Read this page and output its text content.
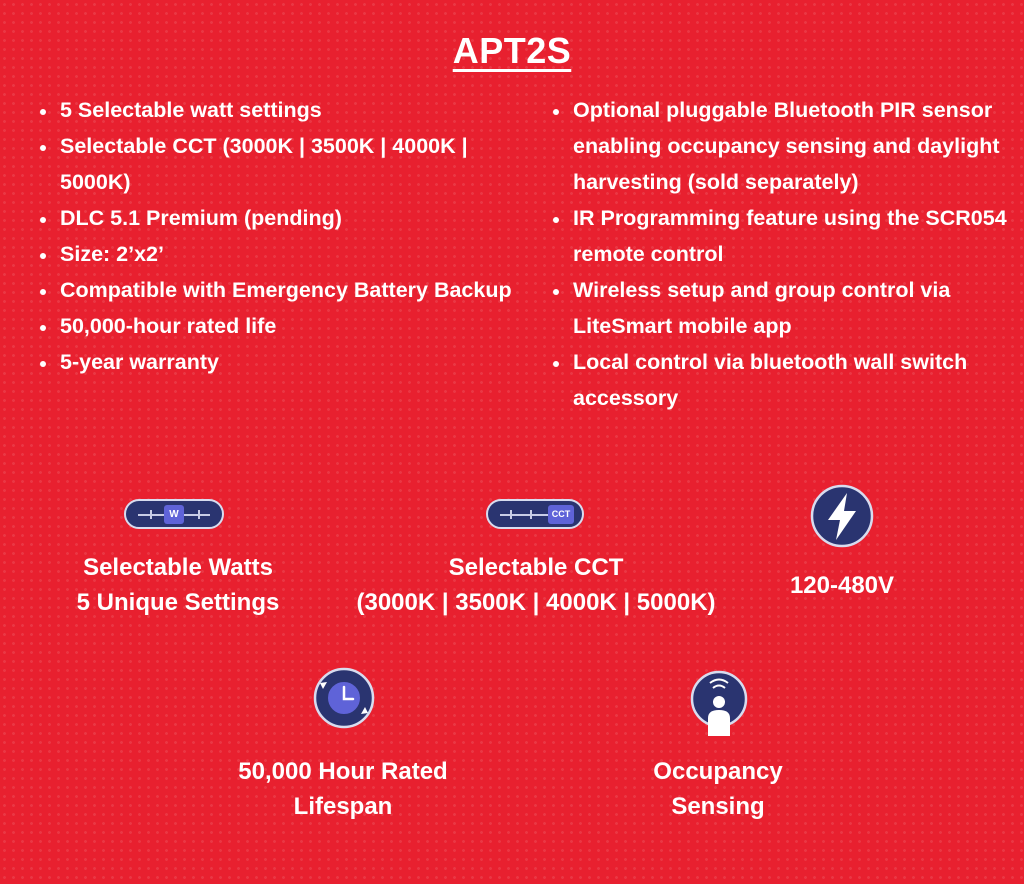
APT2S
• 5 Selectable watt settings
• Selectable CCT (3000K | 3500K | 4000K | 5000K)
• DLC 5.1 Premium (pending)
• Size: 2’x2’
• Compatible with Emergency Battery Backup
• 50,000-hour rated life
• 5-year warranty
• Optional pluggable Bluetooth PIR sensor enabling occupancy sensing and daylight harvesting (sold separately)
• IR Programming feature using the SCR054 remote control
• Wireless setup and group control via LiteSmart mobile app
• Local control via bluetooth wall switch accessory
W
Selectable Watts
5 Unique Settings
CCT
Selectable CCT
(3000K | 3500K | 4000K | 5000K)
120-480V
50,000 Hour Rated
Lifespan
Occupancy
Sensing
